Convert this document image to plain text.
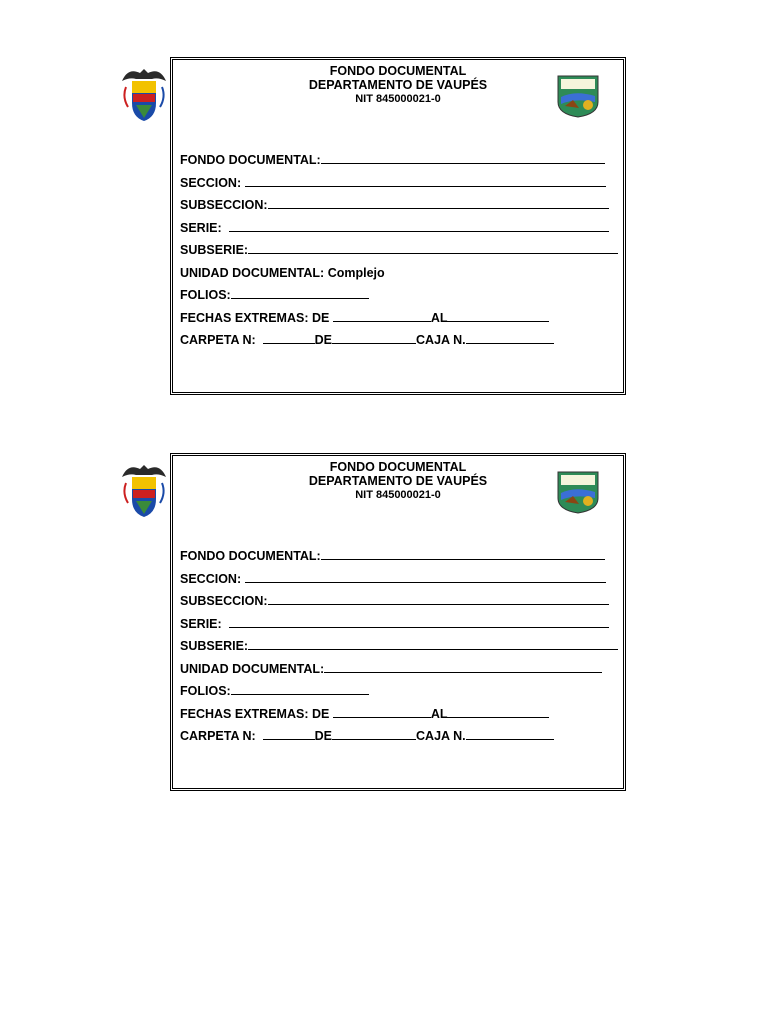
FONDO DOCUMENTAL
DEPARTAMENTO DE VAUPÉS
NIT 845000021-0
FONDO DOCUMENTAL:
SECCION:
SUBSECCION:
SERIE:
SUBSERIE:
UNIDAD DOCUMENTAL: Complejo
FOLIOS:
FECHAS EXTREMAS: DE	AL
CARPETA N:	DE	CAJA N.
FONDO DOCUMENTAL
DEPARTAMENTO DE VAUPÉS
NIT 845000021-0
FONDO DOCUMENTAL:
SECCION:
SUBSECCION:
SERIE:
SUBSERIE:
UNIDAD DOCUMENTAL:
FOLIOS:
FECHAS EXTREMAS: DE	AL
CARPETA N:	DE	CAJA N.
